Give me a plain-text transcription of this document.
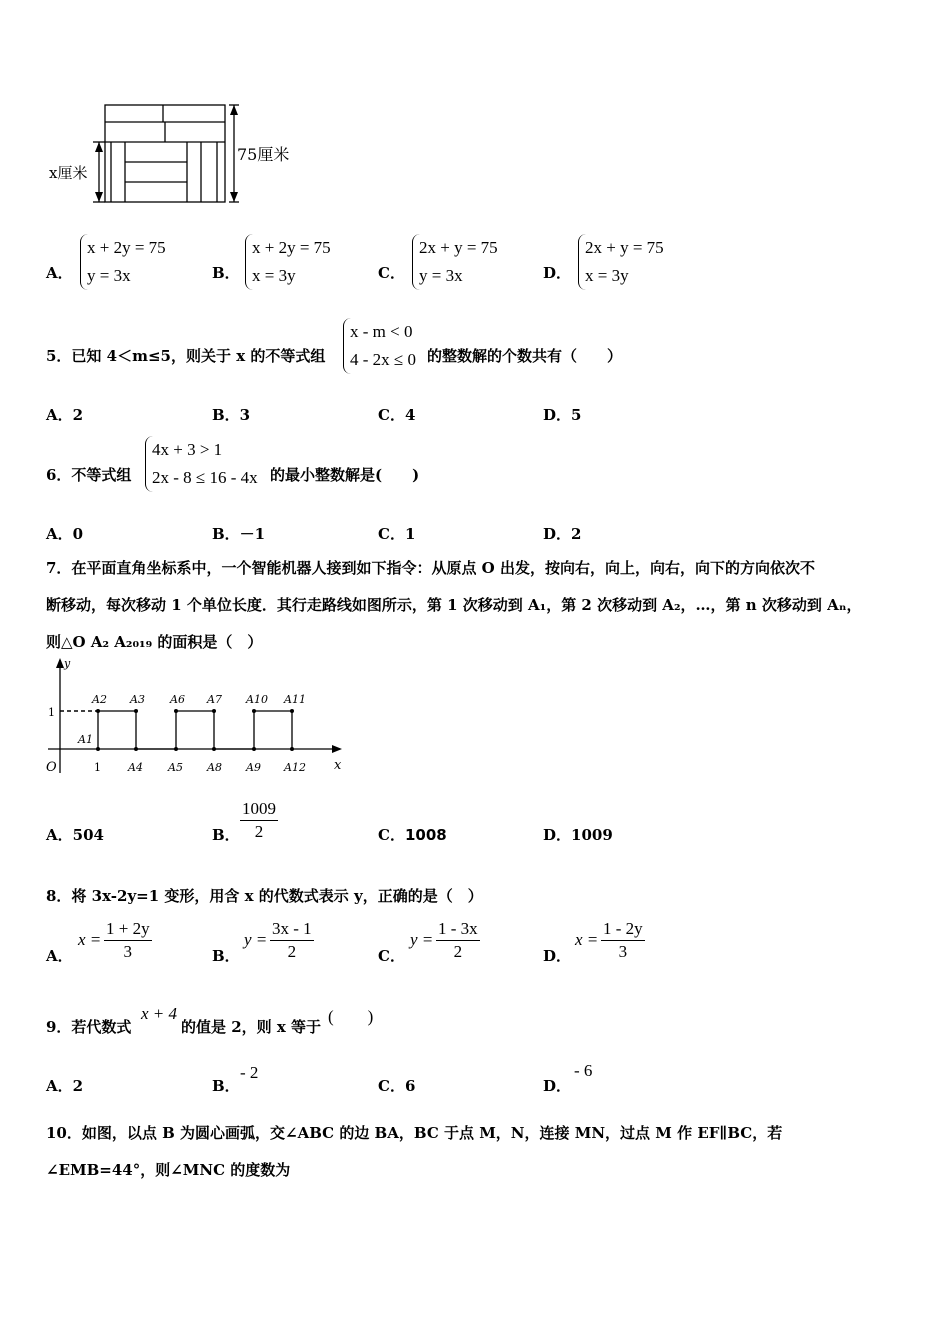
75厘米
x厘米
A．
x + 2y = 75
y = 3x	B．
x + 2y = 75
x = 3y	C．
2x + y = 75
y = 3x	D．
2x + y = 75
x = 3y
5．已知 4＜m≤5，则关于 x 的不等式组
x - m < 0
4 - 2x ≤ 0 的整数解的个数共有（　　）
A．2	B．3	C．4	D．5
6．不等式组
4x + 3 > 1
2x - 8 ≤ 16 - 4x 的最小整数解是(　　)
A．0	B．－1	C．1	D．2
7．在平面直角坐标系中，一个智能机器人接到如下指令：从原点 O 出发，按向右，向上，向右，向下的方向依次不
断移动，每次移动 1 个单位长度．其行走路线如图所示，第 1 次移动到 A₁，第 2 次移动到 A₂，…，第 n 次移动到 Aₙ，
则△O A₂ A₂₀₁₉ 的面积是（　）
y
x
O
1
1
A1
A2 A3 A6 A7 A10 A11
A4 A5 A8 A9 A12
A．504	B． $\frac{1009}{2}$	C．1008	D．1009
8．将 3x-2y=1 变形，用含 x 的代数式表示 y，正确的是（　）
A．
$x = \frac{1 + 2y}{3}$	B．
$y = \frac{3x - 1}{2}$	C．
$y = \frac{1 - 3x}{2}$	D．
$x = \frac{1 - 2y}{3}$
9．若代数式
x + 4
的值是 2，则 x 等于
(　　)
A．2	B．
- 2
C．6	D．
- 6
10．如图，以点 B 为圆心画弧，交∠ABC 的边 BA，BC 于点 M，N，连接 MN，过点 M 作 EF∥BC，若
∠EMB=44°，则∠MNC 的度数为
